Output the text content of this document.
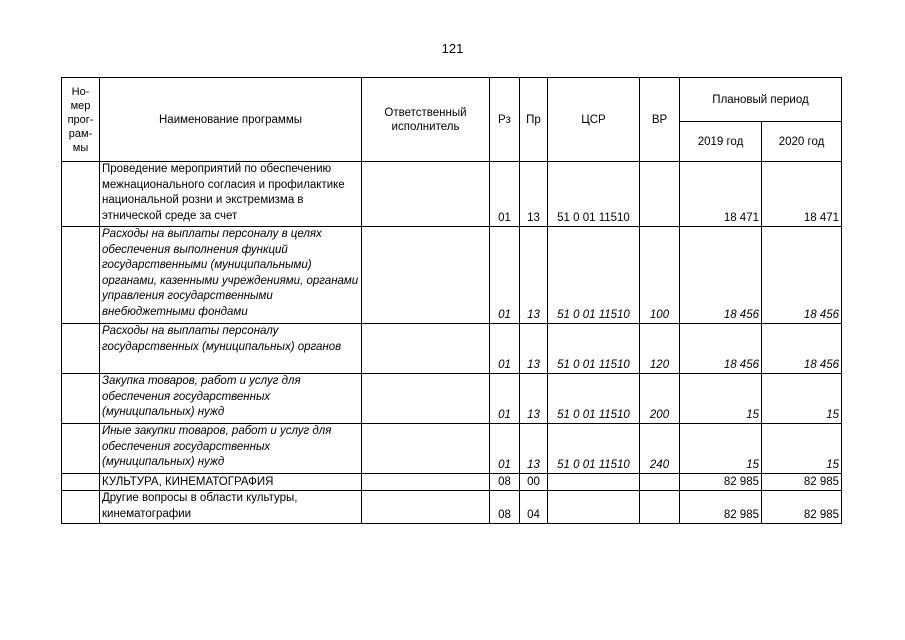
121
Но-мер прог-рам-мы	Наименование программы	Ответственный исполнитель	Рз	Пр	ЦСР	ВР	Плановый период	
							2019 год	2020 год
	Проведение мероприятий по обеспечению межнационального согласия и профилактике национальной розни и экстремизма в этнической среде за счет		01	13	51 0 01 11510		18 471	18 471
	Расходы на выплаты персоналу в целях обеспечения выполнения функций государственными (муниципальными) органами, казенными учреждениями, органами управления государственными внебюджетными фондами		01	13	51 0 01 11510	100	18 456	18 456
	Расходы на выплаты персоналу государственных (муниципальных) органов		01	13	51 0 01 11510	120	18 456	18 456
	Закупка товаров, работ и услуг для обеспечения государственных (муниципальных) нужд		01	13	51 0 01 11510	200	15	15
	Иные закупки товаров, работ и услуг для обеспечения государственных (муниципальных) нужд		01	13	51 0 01 11510	240	15	15
	КУЛЬТУРА, КИНЕМАТОГРАФИЯ		08	00			82 985	82 985
	Другие вопросы в области культуры, кинематографии		08	04			82 985	82 985
